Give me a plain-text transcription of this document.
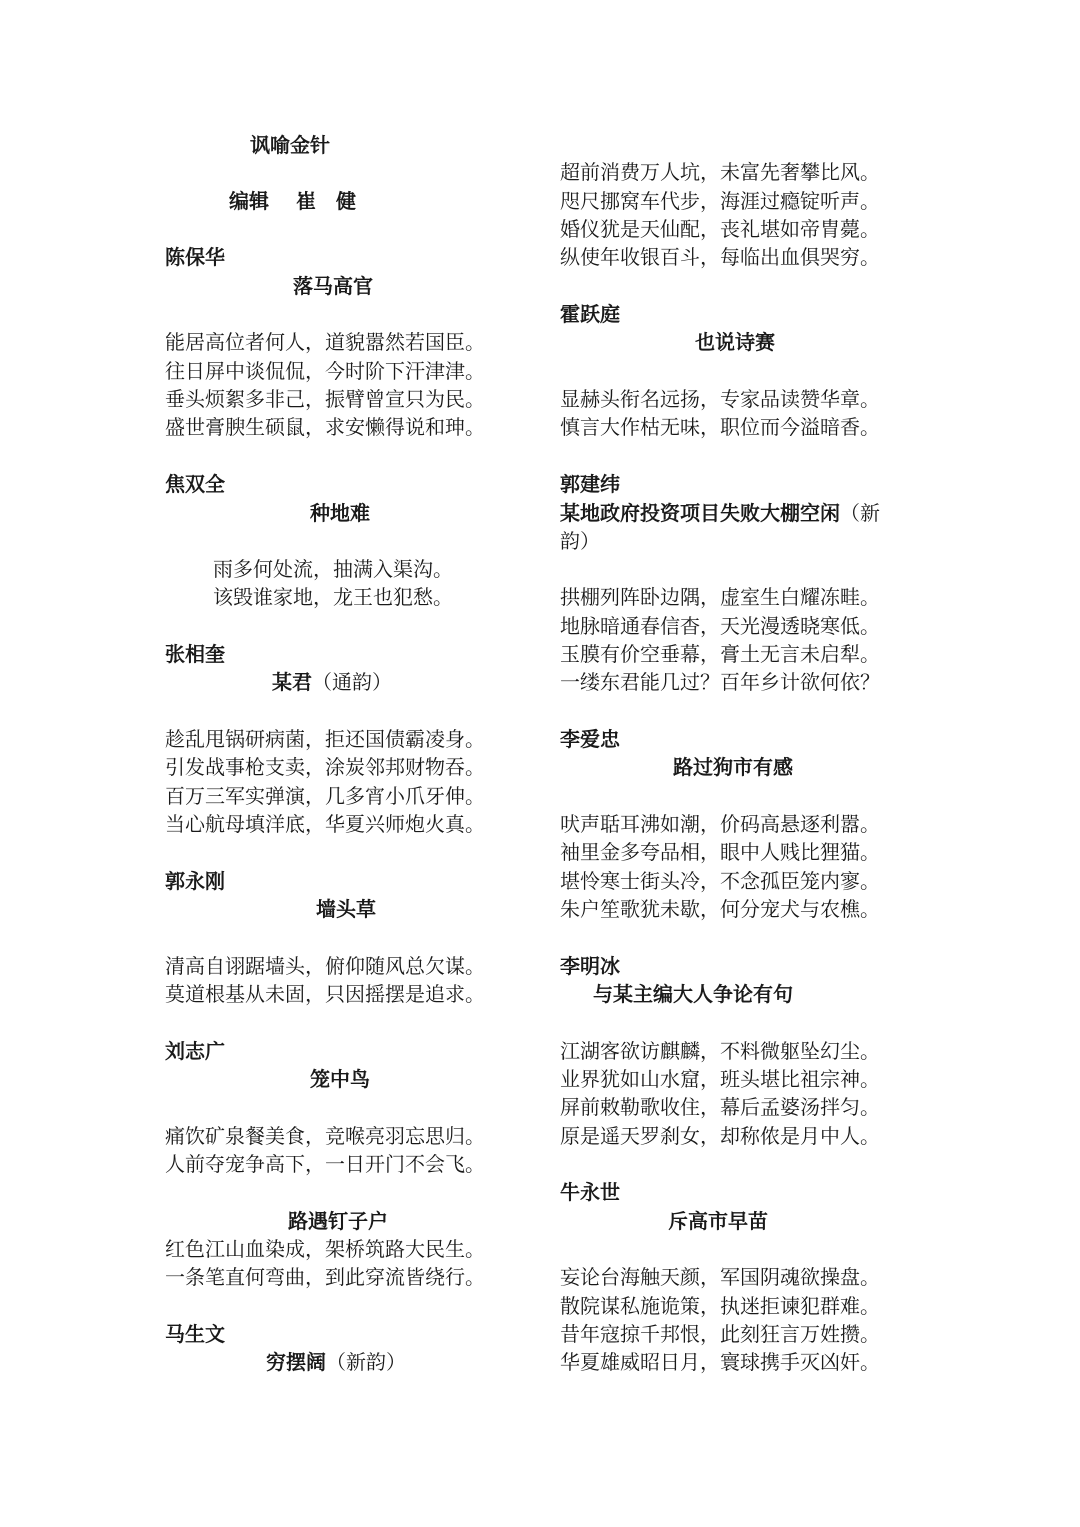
讽喻金针
编辑　 崔　健
陈保华
落马高官
能居高位者何人，道貌嚣然若国臣。
往日屏中谈侃侃，今时阶下汗津津。
垂头烦絮多非己，振臂曾宣只为民。
盛世膏腴生硕鼠，求安懒得说和珅。
焦双全
种地难
雨多何处流，抽满入渠沟。
该毁谁家地，龙王也犯愁。
张相奎
某君（通韵）
趁乱甩锅研病菌，拒还国债霸凌身。
引发战事枪支卖，涂炭邻邦财物吞。
百万三军实弹演，几多宵小爪牙伸。
当心航母填洋底，华夏兴师炮火真。
郭永刚
墙头草
清高自诩踞墙头，俯仰随风总欠谋。
莫道根基从未固，只因摇摆是追求。
刘志广
笼中鸟
痛饮矿泉餐美食，竞喉亮羽忘思归。
人前夺宠争高下，一日开门不会飞。
路遇钉子户
红色江山血染成，架桥筑路大民生。
一条笔直何弯曲，到此穿流皆绕行。
马生文
穷摆阔（新韵）
超前消费万人坑，未富先奢攀比风。
咫尺挪窝车代步，海涯过瘾锭听声。
婚仪犹是天仙配，丧礼堪如帝胄薨。
纵使年收银百斗，每临出血俱哭穷。
霍跃庭
也说诗赛
显赫头衔名远扬，专家品读赞华章。
慎言大作枯无味，职位而今溢暗香。
郭建纬
某地政府投资项目失败大棚空闲（新
韵）
拱棚列阵卧边隅，虚室生白耀冻畦。
地脉暗通春信杳，天光漫透晓寒低。
玉膜有价空垂幕，膏土无言未启犁。
一缕东君能几过？百年乡计欲何依？
李爱忠
路过狗市有感
吠声聒耳沸如潮，价码高悬逐利嚣。
袖里金多夸品相，眼中人贱比狸猫。
堪怜寒士街头冷，不念孤臣笼内寥。
朱户笙歌犹未歇，何分宠犬与农樵。
李明冰
与某主编大人争论有句
江湖客欲访麒麟，不料微躯坠幻尘。
业界犹如山水窟，班头堪比祖宗神。
屏前敕勒歌收住，幕后孟婆汤拌匀。
原是遥天罗刹女，却称侬是月中人。
牛永世
斥高市早苗
妄论台海触天颜，军国阴魂欲操盘。
散院谋私施诡策，执迷拒谏犯群难。
昔年寇掠千邦恨，此刻狂言万姓攒。
华夏雄威昭日月，寰球携手灭凶奸。
